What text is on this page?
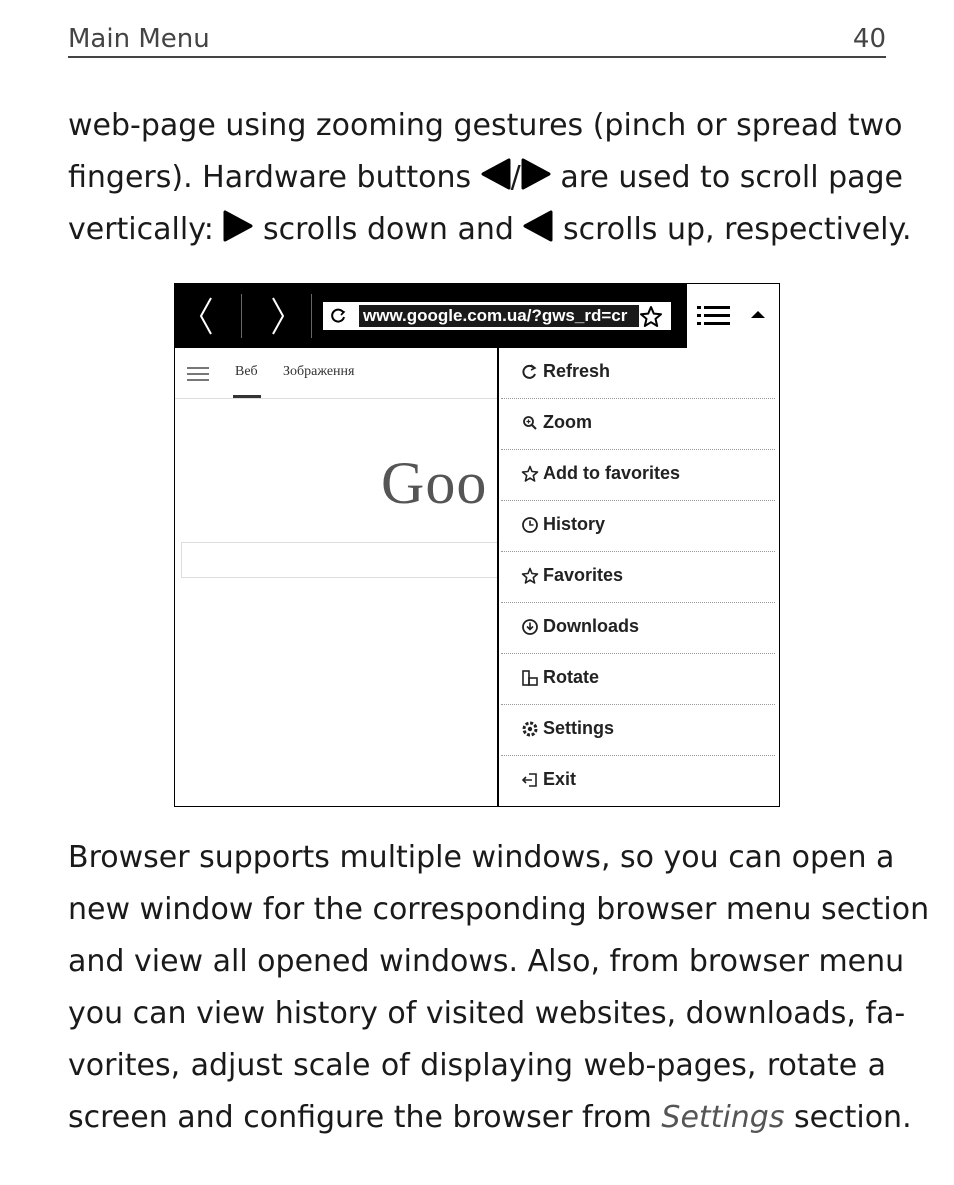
Main Menu	40
web-page using zooming gestures (pinch or spread two
fingers). Hardware buttons / are used to scroll page
vertically: scrolls down and scrolls up, respectively.
www.google.com.ua/?gws_rd=cr
Веб Зображення
Goo
Refresh
Zoom
Add to favorites
History
Favorites
Downloads
Rotate
Settings
Exit
Browser supports multiple windows, so you can open a
new window for the corresponding browser menu section
and view all opened windows. Also, from browser menu
you can view history of visited websites, downloads, fa-
vorites, adjust scale of displaying web-pages, rotate a
screen and configure the browser from Settings section.
